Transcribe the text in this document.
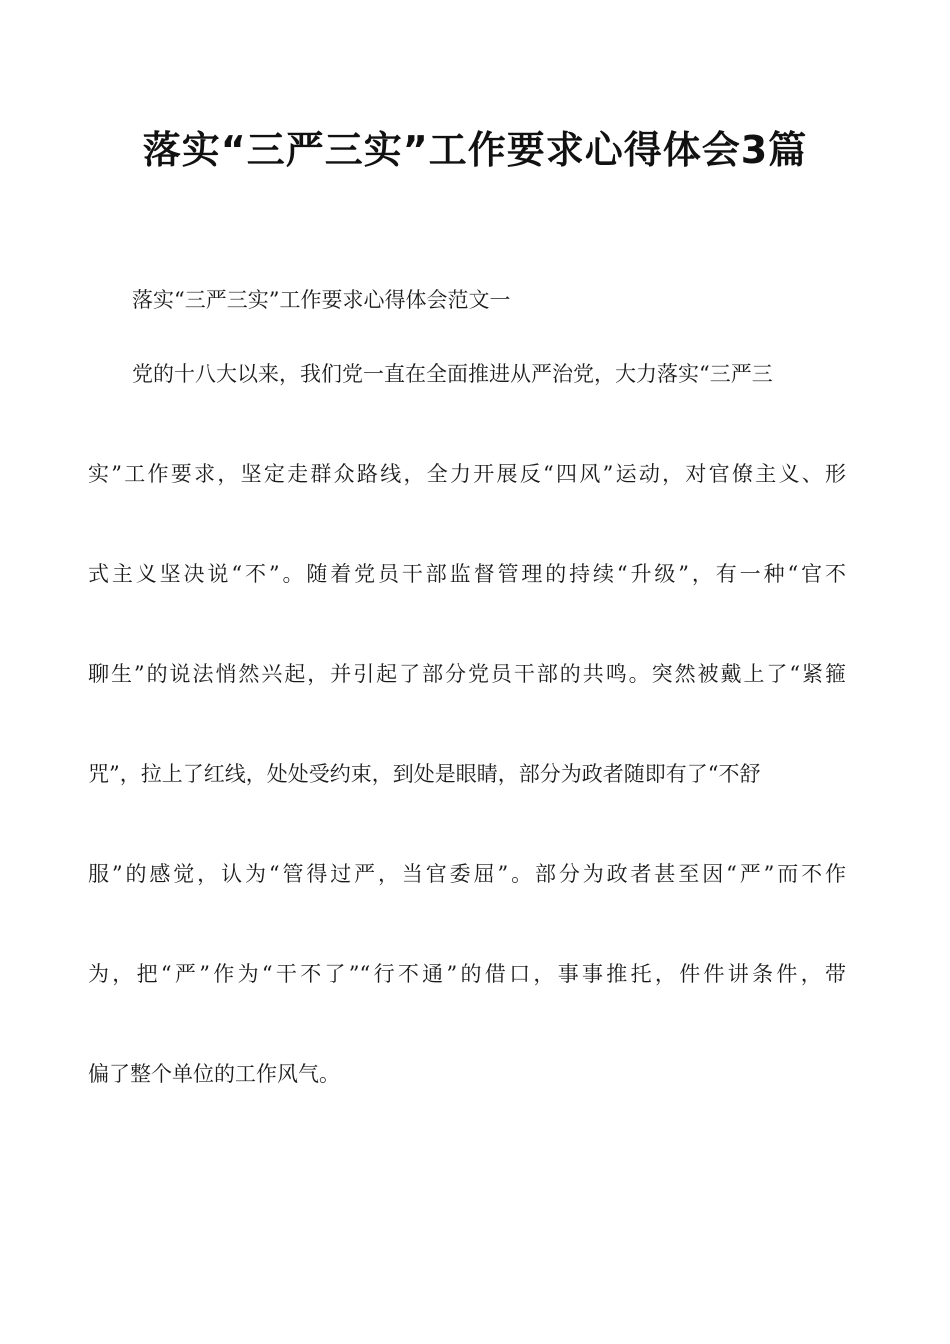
落实“三严三实”工作要求心得体会3篇

落实“三严三实”工作要求心得体会范文一

党的十八大以来，我们党一直在全面推进从严治党，大力落实“三严三

实”工作要求，坚定走群众路线，全力开展反“四风”运动，对官僚主义、形

式主义坚决说“不”。随着党员干部监督管理的持续“升级”，有一种“官不

聊生”的说法悄然兴起，并引起了部分党员干部的共鸣。突然被戴上了“紧箍

咒”，拉上了红线，处处受约束，到处是眼睛，部分为政者随即有了“不舒

服”的感觉，认为“管得过严，当官委屈”。部分为政者甚至因“严”而不作

为，把“严”作为“干不了”“行不通”的借口，事事推托，件件讲条件，带

偏了整个单位的工作风气。
